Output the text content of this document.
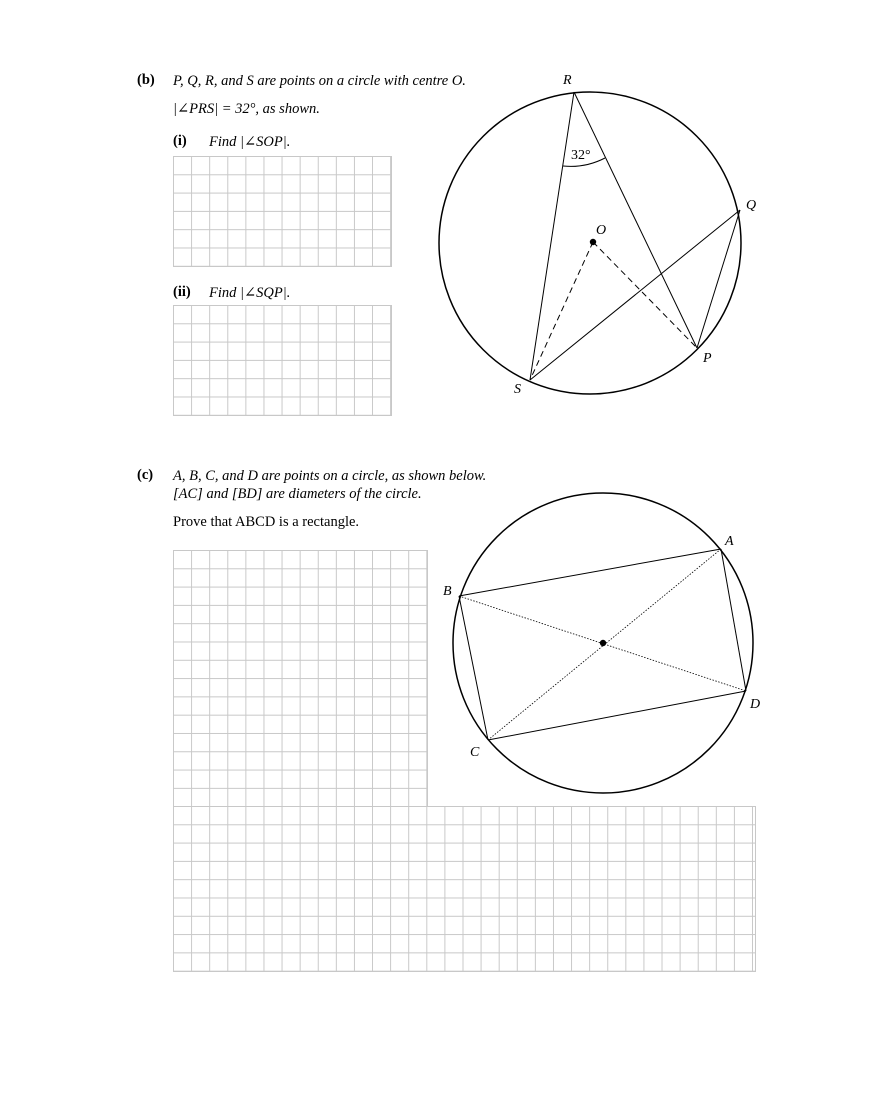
(b) P, Q, R, and S are points on a circle with centre O.
|∠PRS| = 32°, as shown.
(i) Find |∠SOP|.
(ii) Find |∠SQP|.
(c) A, B, C, and D are points on a circle, as shown below.
[AC] and [BD] are diameters of the circle.
Prove that ABCD is a rectangle.
32°
R
Q
O
P
S
A
B
C
D
